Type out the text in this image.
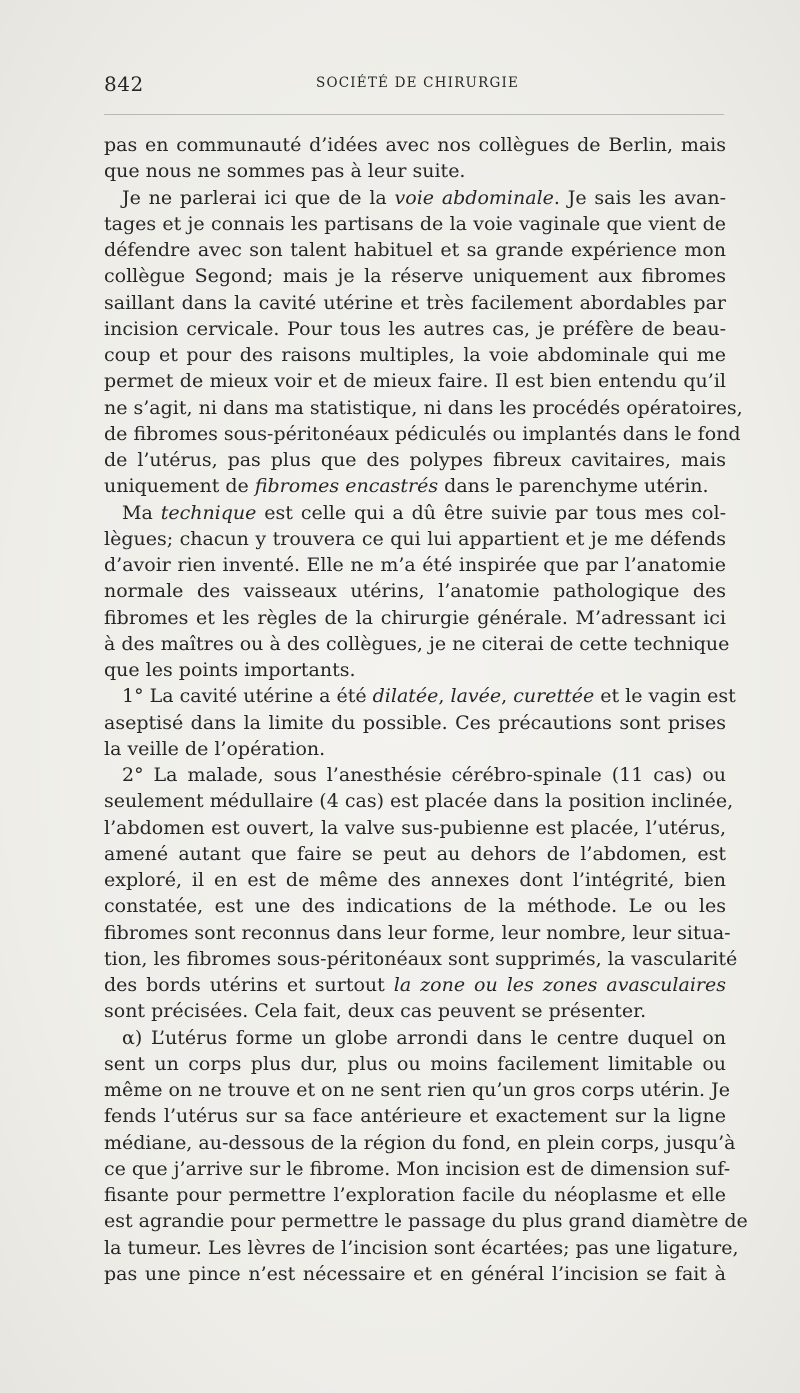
842	SOCIÉTÉ DE CHIRURGIE
pas en communauté d’idées avec nos collègues de Berlin, mais
que nous ne sommes pas à leur suite.
Je ne parlerai ici que de la voie abdominale. Je sais les avan-
tages et je connais les partisans de la voie vaginale que vient de
défendre avec son talent habituel et sa grande expérience mon
collègue Segond; mais je la réserve uniquement aux fibromes
saillant dans la cavité utérine et très facilement abordables par
incision cervicale. Pour tous les autres cas, je préfère de beau-
coup et pour des raisons multiples, la voie abdominale qui me
permet de mieux voir et de mieux faire. Il est bien entendu qu’il
ne s’agit, ni dans ma statistique, ni dans les procédés opératoires,
de fibromes sous-péritonéaux pédiculés ou implantés dans le fond
de l’utérus, pas plus que des polypes fibreux cavitaires, mais
uniquement de fibromes encastrés dans le parenchyme utérin.
Ma technique est celle qui a dû être suivie par tous mes col-
lègues; chacun y trouvera ce qui lui appartient et je me défends
d’avoir rien inventé. Elle ne m’a été inspirée que par l’anatomie
normale des vaisseaux utérins, l’anatomie pathologique des
fibromes et les règles de la chirurgie générale. M’adressant ici
à des maîtres ou à des collègues, je ne citerai de cette technique
que les points importants.
1° La cavité utérine a été dilatée, lavée, curettée et le vagin est
aseptisé dans la limite du possible. Ces précautions sont prises
la veille de l’opération.
2° La malade, sous l’anesthésie cérébro-spinale (11 cas) ou
seulement médullaire (4 cas) est placée dans la position inclinée,
l’abdomen est ouvert, la valve sus-pubienne est placée, l’utérus,
amené autant que faire se peut au dehors de l’abdomen, est
exploré, il en est de même des annexes dont l’intégrité, bien
constatée, est une des indications de la méthode. Le ou les
fibromes sont reconnus dans leur forme, leur nombre, leur situa-
tion, les fibromes sous-péritonéaux sont supprimés, la vascularité
des bords utérins et surtout la zone ou les zones avasculaires
sont précisées. Cela fait, deux cas peuvent se présenter.
α) L’utérus forme un globe arrondi dans le centre duquel on
sent un corps plus dur, plus ou moins facilement limitable ou
même on ne trouve et on ne sent rien qu’un gros corps utérin. Je
fends l’utérus sur sa face antérieure et exactement sur la ligne
médiane, au-dessous de la région du fond, en plein corps, jusqu’à
ce que j’arrive sur le fibrome. Mon incision est de dimension suf-
fisante pour permettre l’exploration facile du néoplasme et elle
est agrandie pour permettre le passage du plus grand diamètre de
la tumeur. Les lèvres de l’incision sont écartées; pas une ligature,
pas une pince n’est nécessaire et en général l’incision se fait à
